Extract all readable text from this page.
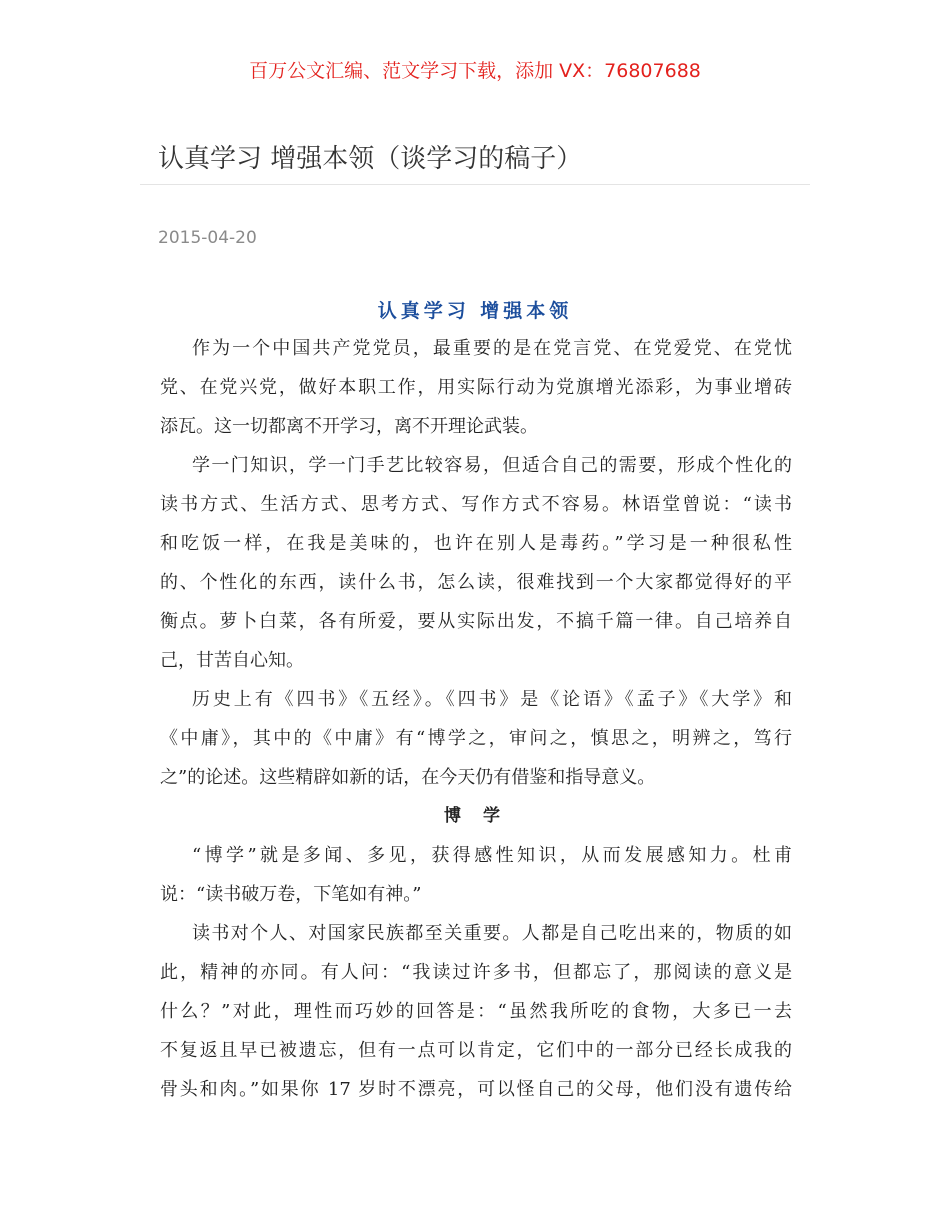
百万公文汇编、范文学习下载，添加 VX：76807688
认真学习 增强本领（谈学习的稿子）
2015-04-20
认真学习 增强本领
作为一个中国共产党党员，最重要的是在党言党、在党爱党、在党忧
党、在党兴党，做好本职工作，用实际行动为党旗增光添彩，为事业增砖
添瓦。这一切都离不开学习，离不开理论武装。
学一门知识，学一门手艺比较容易，但适合自己的需要，形成个性化的
读书方式、生活方式、思考方式、写作方式不容易。林语堂曾说：“读书
和吃饭一样，在我是美味的，也许在别人是毒药。”学习是一种很私性
的、个性化的东西，读什么书，怎么读，很难找到一个大家都觉得好的平
衡点。萝卜白菜，各有所爱，要从实际出发，不搞千篇一律。自己培养自
己，甘苦自心知。
历史上有《四书》《五经》。《四书》是《论语》《孟子》《大学》和
《中庸》，其中的《中庸》有“博学之，审问之，慎思之，明辨之，笃行
之”的论述。这些精辟如新的话，在今天仍有借鉴和指导意义。
博 学
“博学”就是多闻、多见，获得感性知识，从而发展感知力。杜甫
说：“读书破万卷，下笔如有神。”
读书对个人、对国家民族都至关重要。人都是自己吃出来的，物质的如
此，精神的亦同。有人问：“我读过许多书，但都忘了，那阅读的意义是
什么？”对此，理性而巧妙的回答是：“虽然我所吃的食物，大多已一去
不复返且早已被遗忘，但有一点可以肯定，它们中的一部分已经长成我的
骨头和肉。”如果你 17 岁时不漂亮，可以怪自己的父母，他们没有遗传给
